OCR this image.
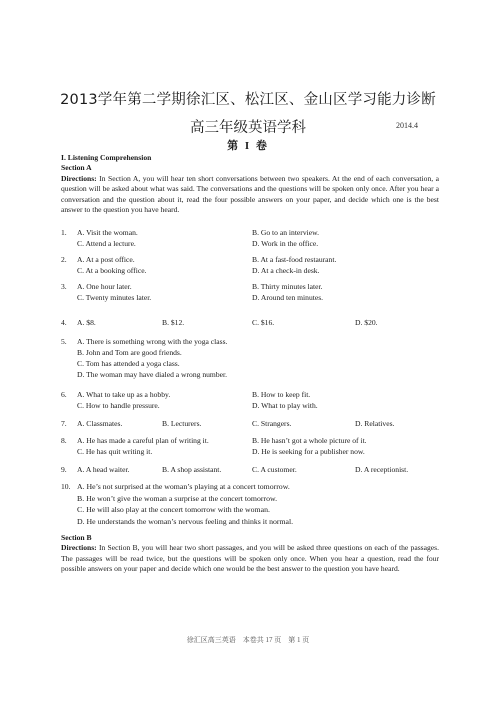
2013学年第二学期徐汇区、松江区、金山区学习能力诊断
高三年级英语学科	2014.4
第 I 卷
I. Listening Comprehension
Section A
Directions: In Section A, you will hear ten short conversations between two speakers. At the end of each conversation, a question will be asked about what was said. The conversations and the questions will be spoken only once. After you hear a conversation and the question about it, read the four possible answers on your paper, and decide which one is the best answer to the question you have heard.
1. A. Visit the woman.	B. Go to an interview.
C. Attend a lecture.	D. Work in the office.
2. A. At a post office.	B. At a fast-food restaurant.
C. At a booking office.	D. At a check-in desk.
3. A. One hour later.	B. Thirty minutes later.
C. Twenty minutes later.	D. Around ten minutes.
4. A. $8.	B. $12.	C. $16.	D. $20.
5. A. There is something wrong with the yoga class.
B. John and Tom are good friends.
C. Tom has attended a yoga class.
D. The woman may have dialed a wrong number.
6. A. What to take up as a hobby.	B. How to keep fit.
C. How to handle pressure.	D. What to play with.
7. A. Classmates.	B. Lecturers.	C. Strangers.	D. Relatives.
8. A. He has made a careful plan of writing it.	B. He hasn’t got a whole picture of it.
C. He has quit writing it.	D. He is seeking for a publisher now.
9. A. A head waiter.	B. A shop assistant.	C. A customer.	D. A receptionist.
10. A. He’s not surprised at the woman’s playing at a concert tomorrow.
B. He won’t give the woman a surprise at the concert tomorrow.
C. He will also play at the concert tomorrow with the woman.
D. He understands the woman’s nervous feeling and thinks it normal.
Section B
Directions: In Section B, you will hear two short passages, and you will be asked three questions on each of the passages. The passages will be read twice, but the questions will be spoken only once. When you hear a question, read the four possible answers on your paper and decide which one would be the best answer to the question you have heard.
徐汇区高三英语　本卷共 17 页　第 1 页
